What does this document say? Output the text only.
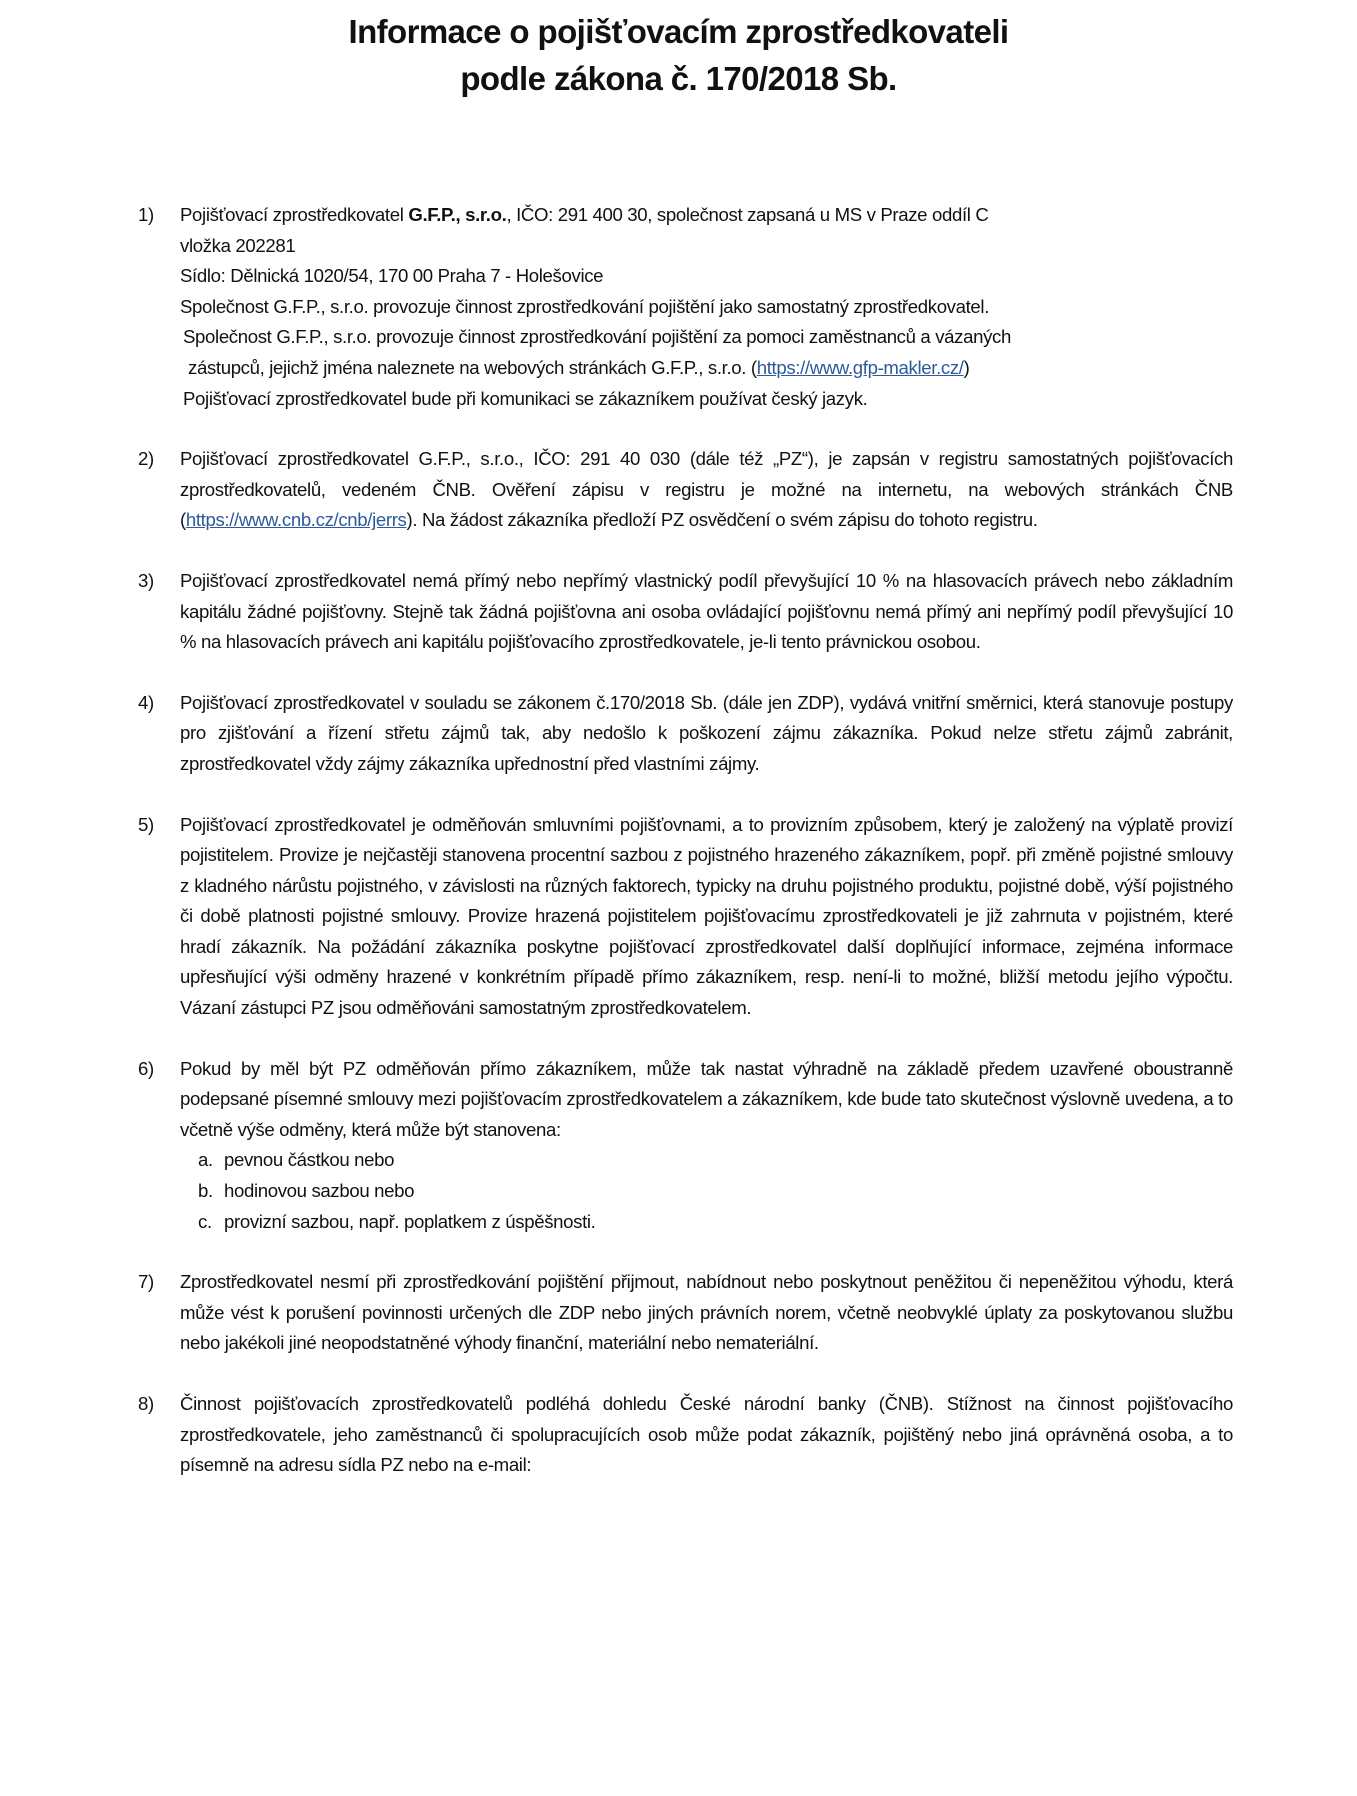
Informace o pojišťovacím zprostředkovateli
podle zákona č. 170/2018 Sb.
1) Pojišťovací zprostředkovatel G.F.P., s.r.o., IČO: 291 400 30, společnost zapsaná u MS v Praze oddíl C
vložka 202281
Sídlo: Dělnická 1020/54, 170 00 Praha 7 - Holešovice
Společnost G.F.P., s.r.o. provozuje činnost zprostředkování pojištění jako samostatný zprostředkovatel.
Společnost G.F.P., s.r.o. provozuje činnost zprostředkování pojištění za pomoci zaměstnanců a vázaných
zástupců, jejichž jména naleznete na webových stránkách G.F.P., s.r.o. (https://www.gfp-makler.cz/)
Pojišťovací zprostředkovatel bude při komunikaci se zákazníkem používat český jazyk.
2) Pojišťovací zprostředkovatel G.F.P., s.r.o., IČO: 291 40 030 (dále též „PZ“), je zapsán v registru samostatných pojišťovacích zprostředkovatelů, vedeném ČNB. Ověření zápisu v registru je možné na internetu, na webových stránkách ČNB (https://www.cnb.cz/cnb/jerrs). Na žádost zákazníka předloží PZ osvědčení o svém zápisu do tohoto registru.
3) Pojišťovací zprostředkovatel nemá přímý nebo nepřímý vlastnický podíl převyšující 10 % na hlasovacích právech nebo základním kapitálu žádné pojišťovny. Stejně tak žádná pojišťovna ani osoba ovládající pojišťovnu nemá přímý ani nepřímý podíl převyšující 10 % na hlasovacích právech ani kapitálu pojišťovacího zprostředkovatele, je-li tento právnickou osobou.
4) Pojišťovací zprostředkovatel v souladu se zákonem č.170/2018 Sb. (dále jen ZDP), vydává vnitřní směrnici, která stanovuje postupy pro zjišťování a řízení střetu zájmů tak, aby nedošlo k poškození zájmu zákazníka. Pokud nelze střetu zájmů zabránit, zprostředkovatel vždy zájmy zákazníka upřednostní před vlastními zájmy.
5) Pojišťovací zprostředkovatel je odměňován smluvními pojišťovnami, a to provizním způsobem, který je založený na výplatě provizí pojistitelem. Provize je nejčastěji stanovena procentní sazbou z pojistného hrazeného zákazníkem, popř. při změně pojistné smlouvy z kladného nárůstu pojistného, v závislosti na různých faktorech, typicky na druhu pojistného produktu, pojistné době, výší pojistného či době platnosti pojistné smlouvy. Provize hrazená pojistitelem pojišťovacímu zprostředkovateli je již zahrnuta v pojistném, které hradí zákazník. Na požádání zákazníka poskytne pojišťovací zprostředkovatel další doplňující informace, zejména informace upřesňující výši odměny hrazené v konkrétním případě přímo zákazníkem, resp. není-li to možné, bližší metodu jejího výpočtu. Vázaní zástupci PZ jsou odměňováni samostatným zprostředkovatelem.
6) Pokud by měl být PZ odměňován přímo zákazníkem, může tak nastat výhradně na základě předem uzavřené oboustranně podepsané písemné smlouvy mezi pojišťovacím zprostředkovatelem a zákazníkem, kde bude tato skutečnost výslovně uvedena, a to včetně výše odměny, která může být stanovena:
a. pevnou částkou nebo
b. hodinovou sazbou nebo
c. provizní sazbou, např. poplatkem z úspěšnosti.
7) Zprostředkovatel nesmí při zprostředkování pojištění přijmout, nabídnout nebo poskytnout peněžitou či nepeněžitou výhodu, která může vést k porušení povinnosti určených dle ZDP nebo jiných právních norem, včetně neobvyklé úplaty za poskytovanou službu nebo jakékoli jiné neopodstatněné výhody finanční, materiální nebo nemateriální.
8) Činnost pojišťovacích zprostředkovatelů podléhá dohledu České národní banky (ČNB). Stížnost na činnost pojišťovacího zprostředkovatele, jeho zaměstnanců či spolupracujících osob může podat zákazník, pojištěný nebo jiná oprávněná osoba, a to písemně na adresu sídla PZ nebo na e-mail:
